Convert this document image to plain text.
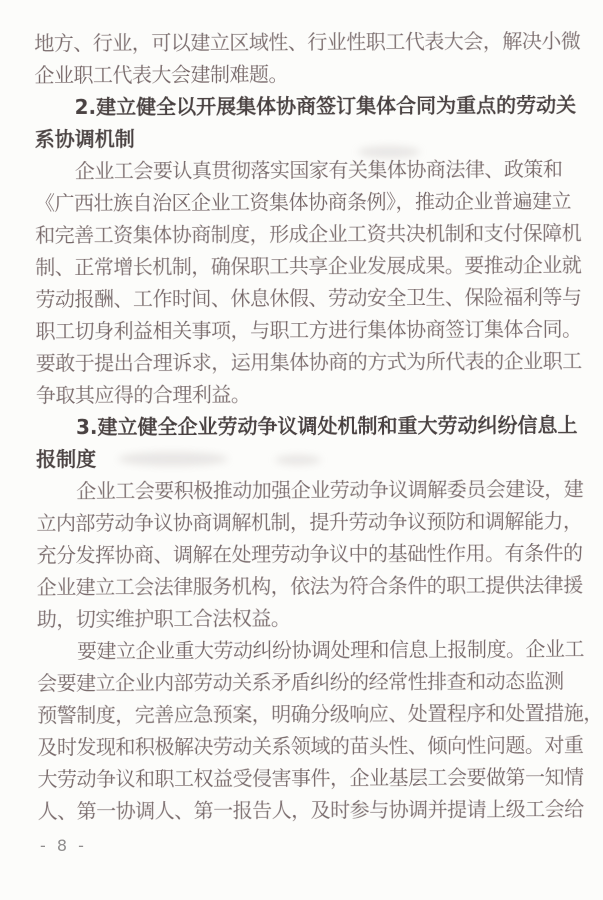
地方、行业，可以建立区域性、行业性职工代表大会，解决小微
企业职工代表大会建制难题。
2.建立健全以开展集体协商签订集体合同为重点的劳动关
系协调机制
企业工会要认真贯彻落实国家有关集体协商法律、政策和
《广西壮族自治区企业工资集体协商条例》，推动企业普遍建立
和完善工资集体协商制度，形成企业工资共决机制和支付保障机
制、正常增长机制，确保职工共享企业发展成果。要推动企业就
劳动报酬、工作时间、休息休假、劳动安全卫生、保险福利等与
职工切身利益相关事项，与职工方进行集体协商签订集体合同。
要敢于提出合理诉求，运用集体协商的方式为所代表的企业职工
争取其应得的合理利益。
3.建立健全企业劳动争议调处机制和重大劳动纠纷信息上
报制度
企业工会要积极推动加强企业劳动争议调解委员会建设，建
立内部劳动争议协商调解机制，提升劳动争议预防和调解能力，
充分发挥协商、调解在处理劳动争议中的基础性作用。有条件的
企业建立工会法律服务机构，依法为符合条件的职工提供法律援
助，切实维护职工合法权益。
要建立企业重大劳动纠纷协调处理和信息上报制度。企业工
会要建立企业内部劳动关系矛盾纠纷的经常性排查和动态监测
预警制度，完善应急预案，明确分级响应、处置程序和处置措施，
及时发现和积极解决劳动关系领域的苗头性、倾向性问题。对重
大劳动争议和职工权益受侵害事件，企业基层工会要做第一知情
人、第一协调人、第一报告人，及时参与协调并提请上级工会给
- 8 -
